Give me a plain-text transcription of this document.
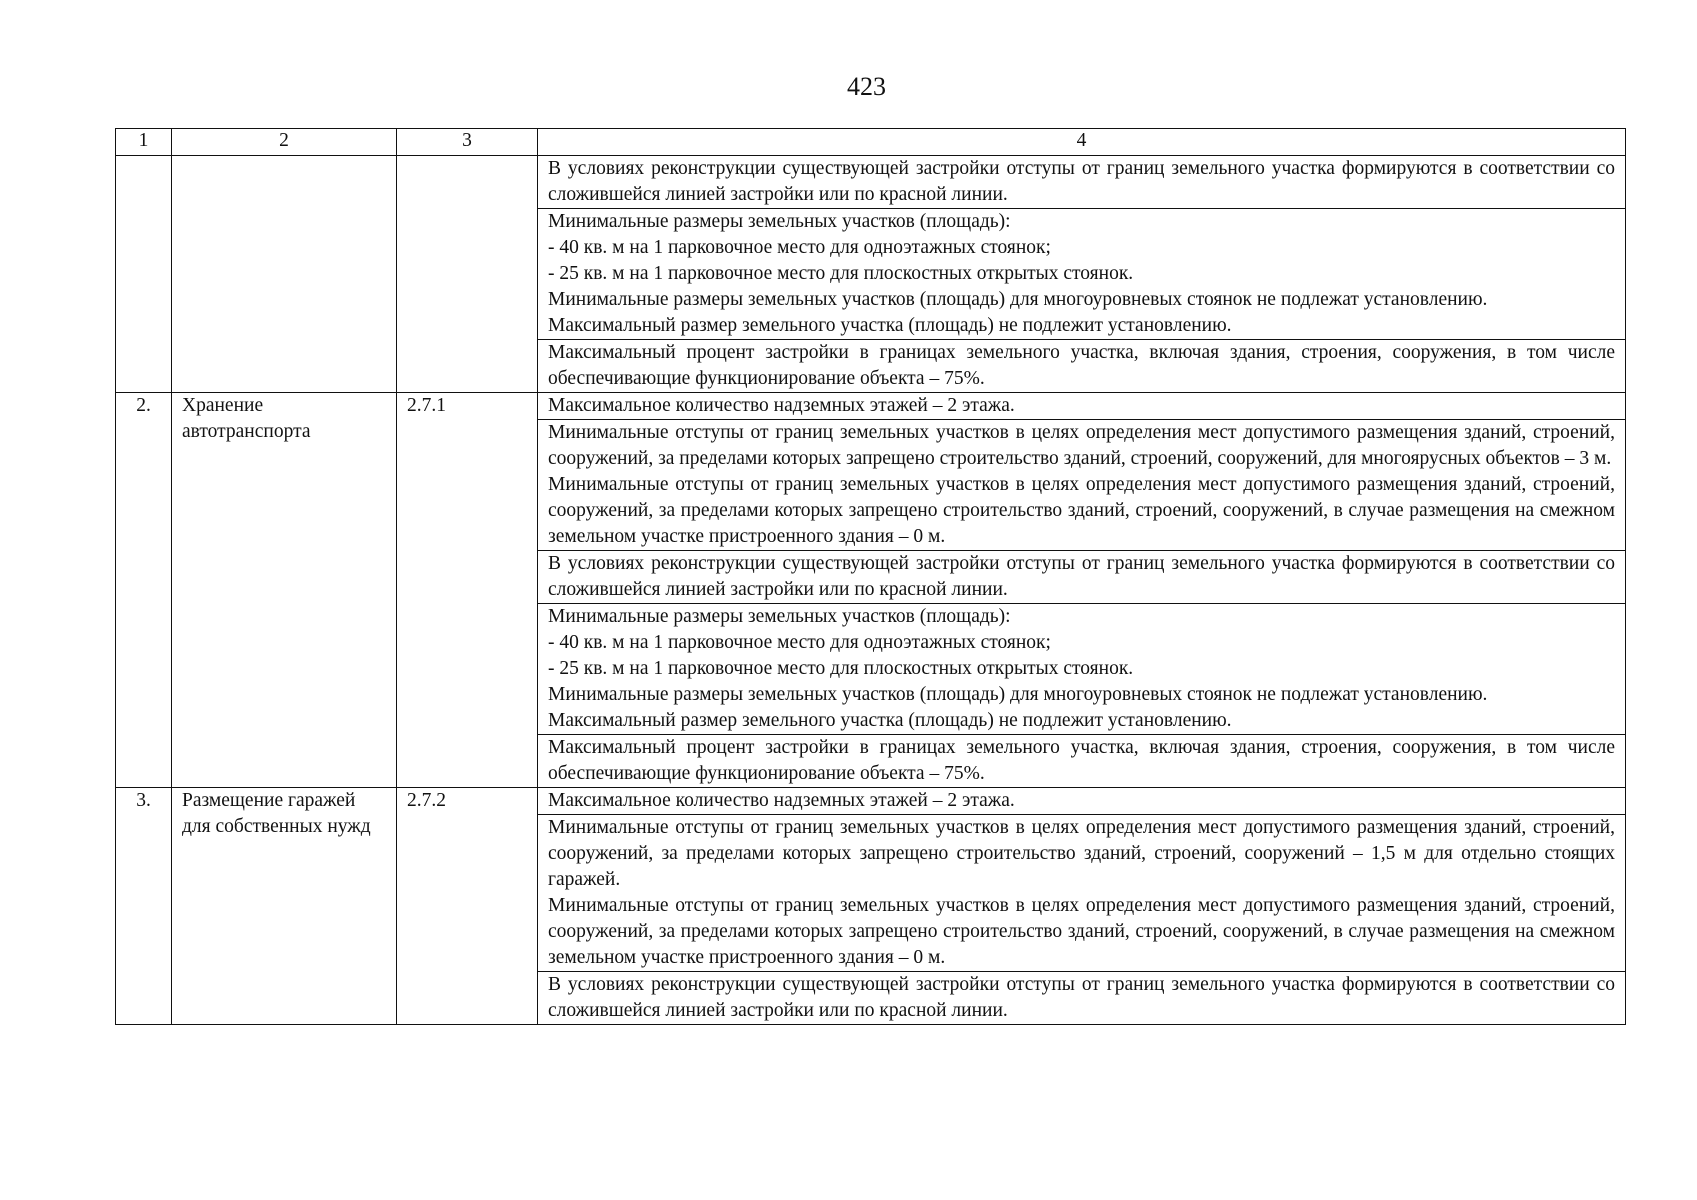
423
1	2	3	4

			В условиях реконструкции существующей застройки отступы от границ земельного участка формируются в соответствии со сложившейся линией застройки или по красной линии.

			Минимальные размеры земельных участков (площадь):
- 40 кв. м на 1 парковочное место для одноэтажных стоянок;
- 25 кв. м на 1 парковочное место для плоскостных открытых стоянок.
Минимальные размеры земельных участков (площадь) для многоуровневых стоянок не подлежат установлению.
Максимальный размер земельного участка (площадь) не подлежит установлению.

			Максимальный процент застройки в границах земельного участка, включая здания, строения, сооружения, в том числе обеспечивающие функционирование объекта – 75%.

2.	Хранение автотранспорта	2.7.1	Максимальное количество надземных этажей – 2 этажа.

			Минимальные отступы от границ земельных участков в целях определения мест допустимого размещения зданий, строений, сооружений, за пределами которых запрещено строительство зданий, строений, сооружений, для многоярусных объектов – 3 м.
Минимальные отступы от границ земельных участков в целях определения мест допустимого размещения зданий, строений, сооружений, за пределами которых запрещено строительство зданий, строений, сооружений, в случае размещения на смежном земельном участке пристроенного здания – 0 м.

			В условиях реконструкции существующей застройки отступы от границ земельного участка формируются в соответствии со сложившейся линией застройки или по красной линии.

			Минимальные размеры земельных участков (площадь):
- 40 кв. м на 1 парковочное место для одноэтажных стоянок;
- 25 кв. м на 1 парковочное место для плоскостных открытых стоянок.
Минимальные размеры земельных участков (площадь) для многоуровневых стоянок не подлежат установлению.
Максимальный размер земельного участка (площадь) не подлежит установлению.

			Максимальный процент застройки в границах земельного участка, включая здания, строения, сооружения, в том числе обеспечивающие функционирование объекта – 75%.

3.	Размещение гаражей для собственных нужд	2.7.2	Максимальное количество надземных этажей – 2 этажа.

			Минимальные отступы от границ земельных участков в целях определения мест допустимого размещения зданий, строений, сооружений, за пределами которых запрещено строительство зданий, строений, сооружений – 1,5 м для отдельно стоящих гаражей.
Минимальные отступы от границ земельных участков в целях определения мест допустимого размещения зданий, строений, сооружений, за пределами которых запрещено строительство зданий, строений, сооружений, в случае размещения на смежном земельном участке пристроенного здания – 0 м.

			В условиях реконструкции существующей застройки отступы от границ земельного участка формируются в соответствии со сложившейся линией застройки или по красной линии.
